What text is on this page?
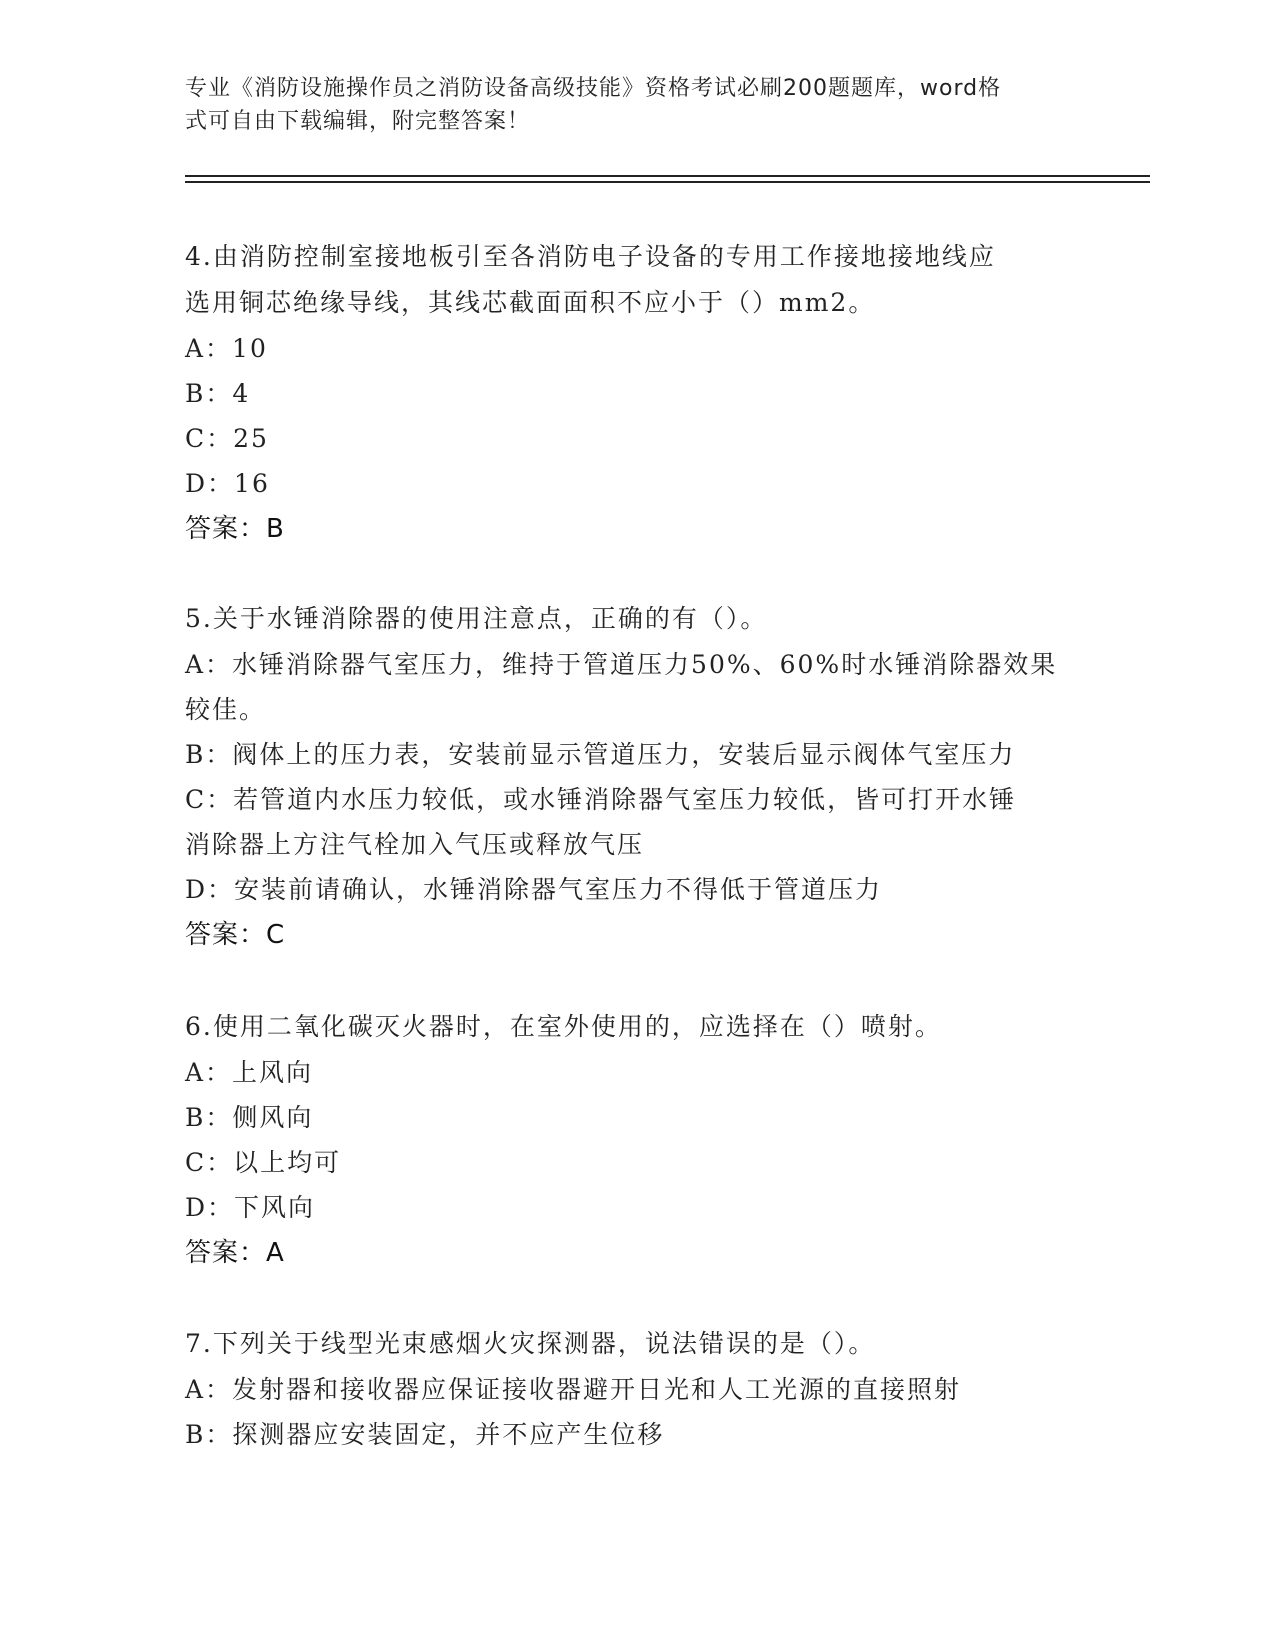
专业《消防设施操作员之消防设备高级技能》资格考试必刷200题题库，word格

式可自由下载编辑，附完整答案！

4.由消防控制室接地板引至各消防电子设备的专用工作接地接地线应

选用铜芯绝缘导线，其线芯截面面积不应小于（）mm2。

A：10

B：4

C：25

D：16

答案：B

5.关于水锤消除器的使用注意点，正确的有（）。

A：水锤消除器气室压力，维持于管道压力50%、60%时水锤消除器效果

较佳。

B：阀体上的压力表，安装前显示管道压力，安装后显示阀体气室压力

C：若管道内水压力较低，或水锤消除器气室压力较低，皆可打开水锤

消除器上方注气栓加入气压或释放气压

D：安装前请确认，水锤消除器气室压力不得低于管道压力

答案：C

6.使用二氧化碳灭火器时，在室外使用的，应选择在（）喷射。

A：上风向

B：侧风向

C：以上均可

D：下风向

答案：A

7.下列关于线型光束感烟火灾探测器，说法错误的是（）。

A：发射器和接收器应保证接收器避开日光和人工光源的直接照射

B：探测器应安装固定，并不应产生位移
